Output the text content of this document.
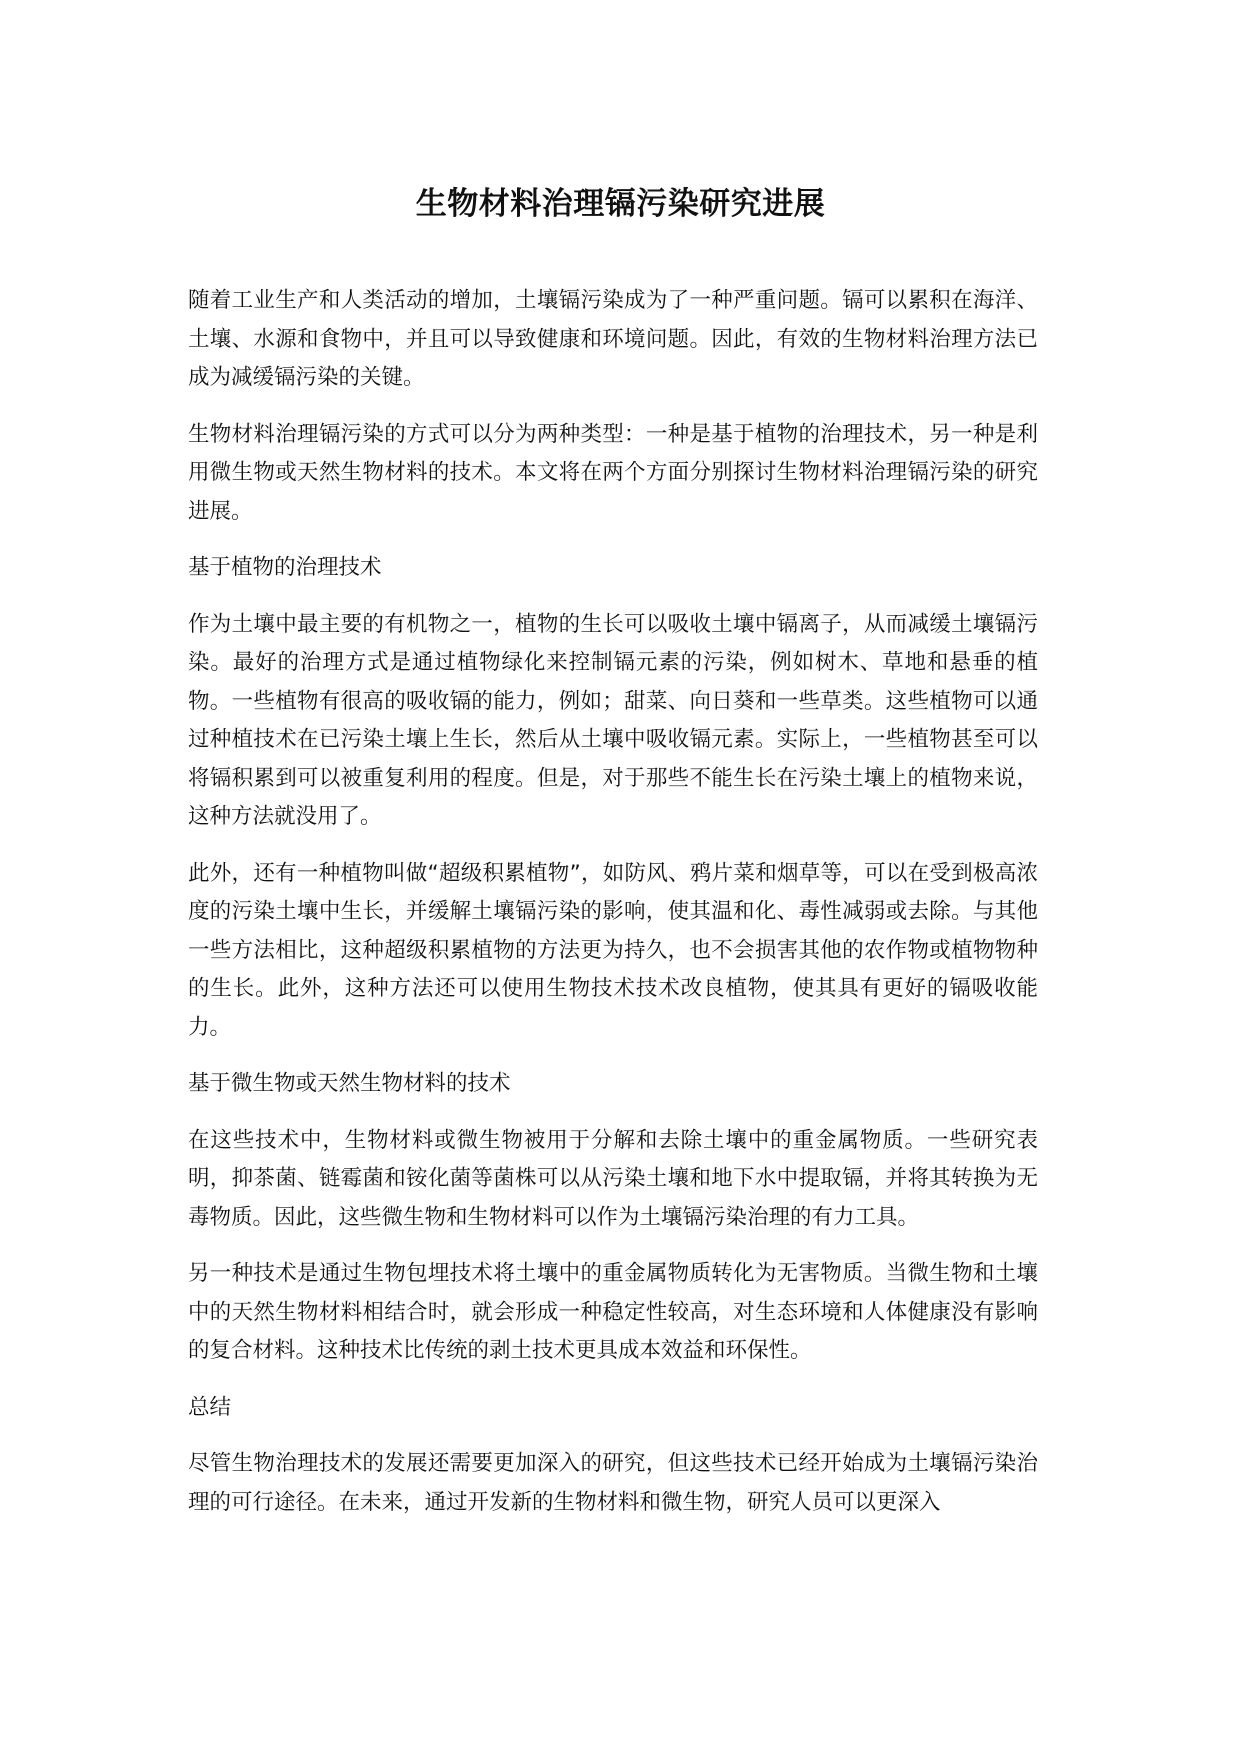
生物材料治理镉污染研究进展

随着工业生产和人类活动的增加，土壤镉污染成为了一种严重问题。镉可以累积在海洋、土壤、水源和食物中，并且可以导致健康和环境问题。因此，有效的生物材料治理方法已成为减缓镉污染的关键。

生物材料治理镉污染的方式可以分为两种类型：一种是基于植物的治理技术，另一种是利用微生物或天然生物材料的技术。本文将在两个方面分别探讨生物材料治理镉污染的研究进展。

基于植物的治理技术

作为土壤中最主要的有机物之一，植物的生长可以吸收土壤中镉离子，从而减缓土壤镉污染。最好的治理方式是通过植物绿化来控制镉元素的污染，例如树木、草地和悬垂的植物。一些植物有很高的吸收镉的能力，例如；甜菜、向日葵和一些草类。这些植物可以通过种植技术在已污染土壤上生长，然后从土壤中吸收镉元素。实际上，一些植物甚至可以将镉积累到可以被重复利用的程度。但是，对于那些不能生长在污染土壤上的植物来说，这种方法就没用了。

此外，还有一种植物叫做“超级积累植物”，如防风、鸦片菜和烟草等，可以在受到极高浓度的污染土壤中生长，并缓解土壤镉污染的影响，使其温和化、毒性减弱或去除。与其他一些方法相比，这种超级积累植物的方法更为持久，也不会损害其他的农作物或植物物种的生长。此外，这种方法还可以使用生物技术技术改良植物，使其具有更好的镉吸收能力。

基于微生物或天然生物材料的技术

在这些技术中，生物材料或微生物被用于分解和去除土壤中的重金属物质。一些研究表明，抑茶菌、链霉菌和铵化菌等菌株可以从污染土壤和地下水中提取镉，并将其转换为无毒物质。因此，这些微生物和生物材料可以作为土壤镉污染治理的有力工具。

另一种技术是通过生物包埋技术将土壤中的重金属物质转化为无害物质。当微生物和土壤中的天然生物材料相结合时，就会形成一种稳定性较高，对生态环境和人体健康没有影响的复合材料。这种技术比传统的剥土技术更具成本效益和环保性。

总结

尽管生物治理技术的发展还需要更加深入的研究，但这些技术已经开始成为土壤镉污染治理的可行途径。在未来，通过开发新的生物材料和微生物，研究人员可以更深入
